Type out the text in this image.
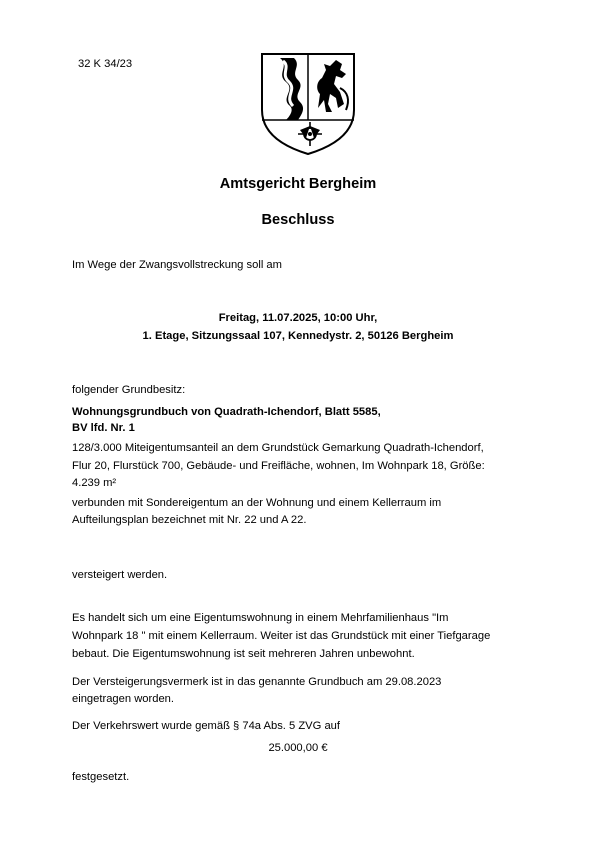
32 K 34/23
Amtsgericht Bergheim
Beschluss
Im Wege der Zwangsvollstreckung soll am
Freitag, 11.07.2025, 10:00 Uhr,
1. Etage, Sitzungssaal 107, Kennedystr. 2, 50126 Bergheim
folgender Grundbesitz:
Wohnungsgrundbuch von Quadrath-Ichendorf, Blatt 5585,
BV lfd. Nr. 1
128/3.000 Miteigentumsanteil an dem Grundstück Gemarkung Quadrath-Ichendorf,
Flur 20, Flurstück 700, Gebäude- und Freifläche, wohnen, Im Wohnpark 18, Größe:
4.239 m²
verbunden mit Sondereigentum an der Wohnung und einem Kellerraum im
Aufteilungsplan bezeichnet mit Nr. 22 und A 22.
versteigert werden.
Es handelt sich um eine Eigentumswohnung in einem Mehrfamilienhaus "Im
Wohnpark 18 " mit einem Kellerraum. Weiter ist das Grundstück mit einer Tiefgarage
bebaut. Die Eigentumswohnung ist seit mehreren Jahren unbewohnt.
Der Versteigerungsvermerk ist in das genannte Grundbuch am 29.08.2023
eingetragen worden.
Der Verkehrswert wurde gemäß § 74a Abs. 5 ZVG auf
25.000,00 €
festgesetzt.
